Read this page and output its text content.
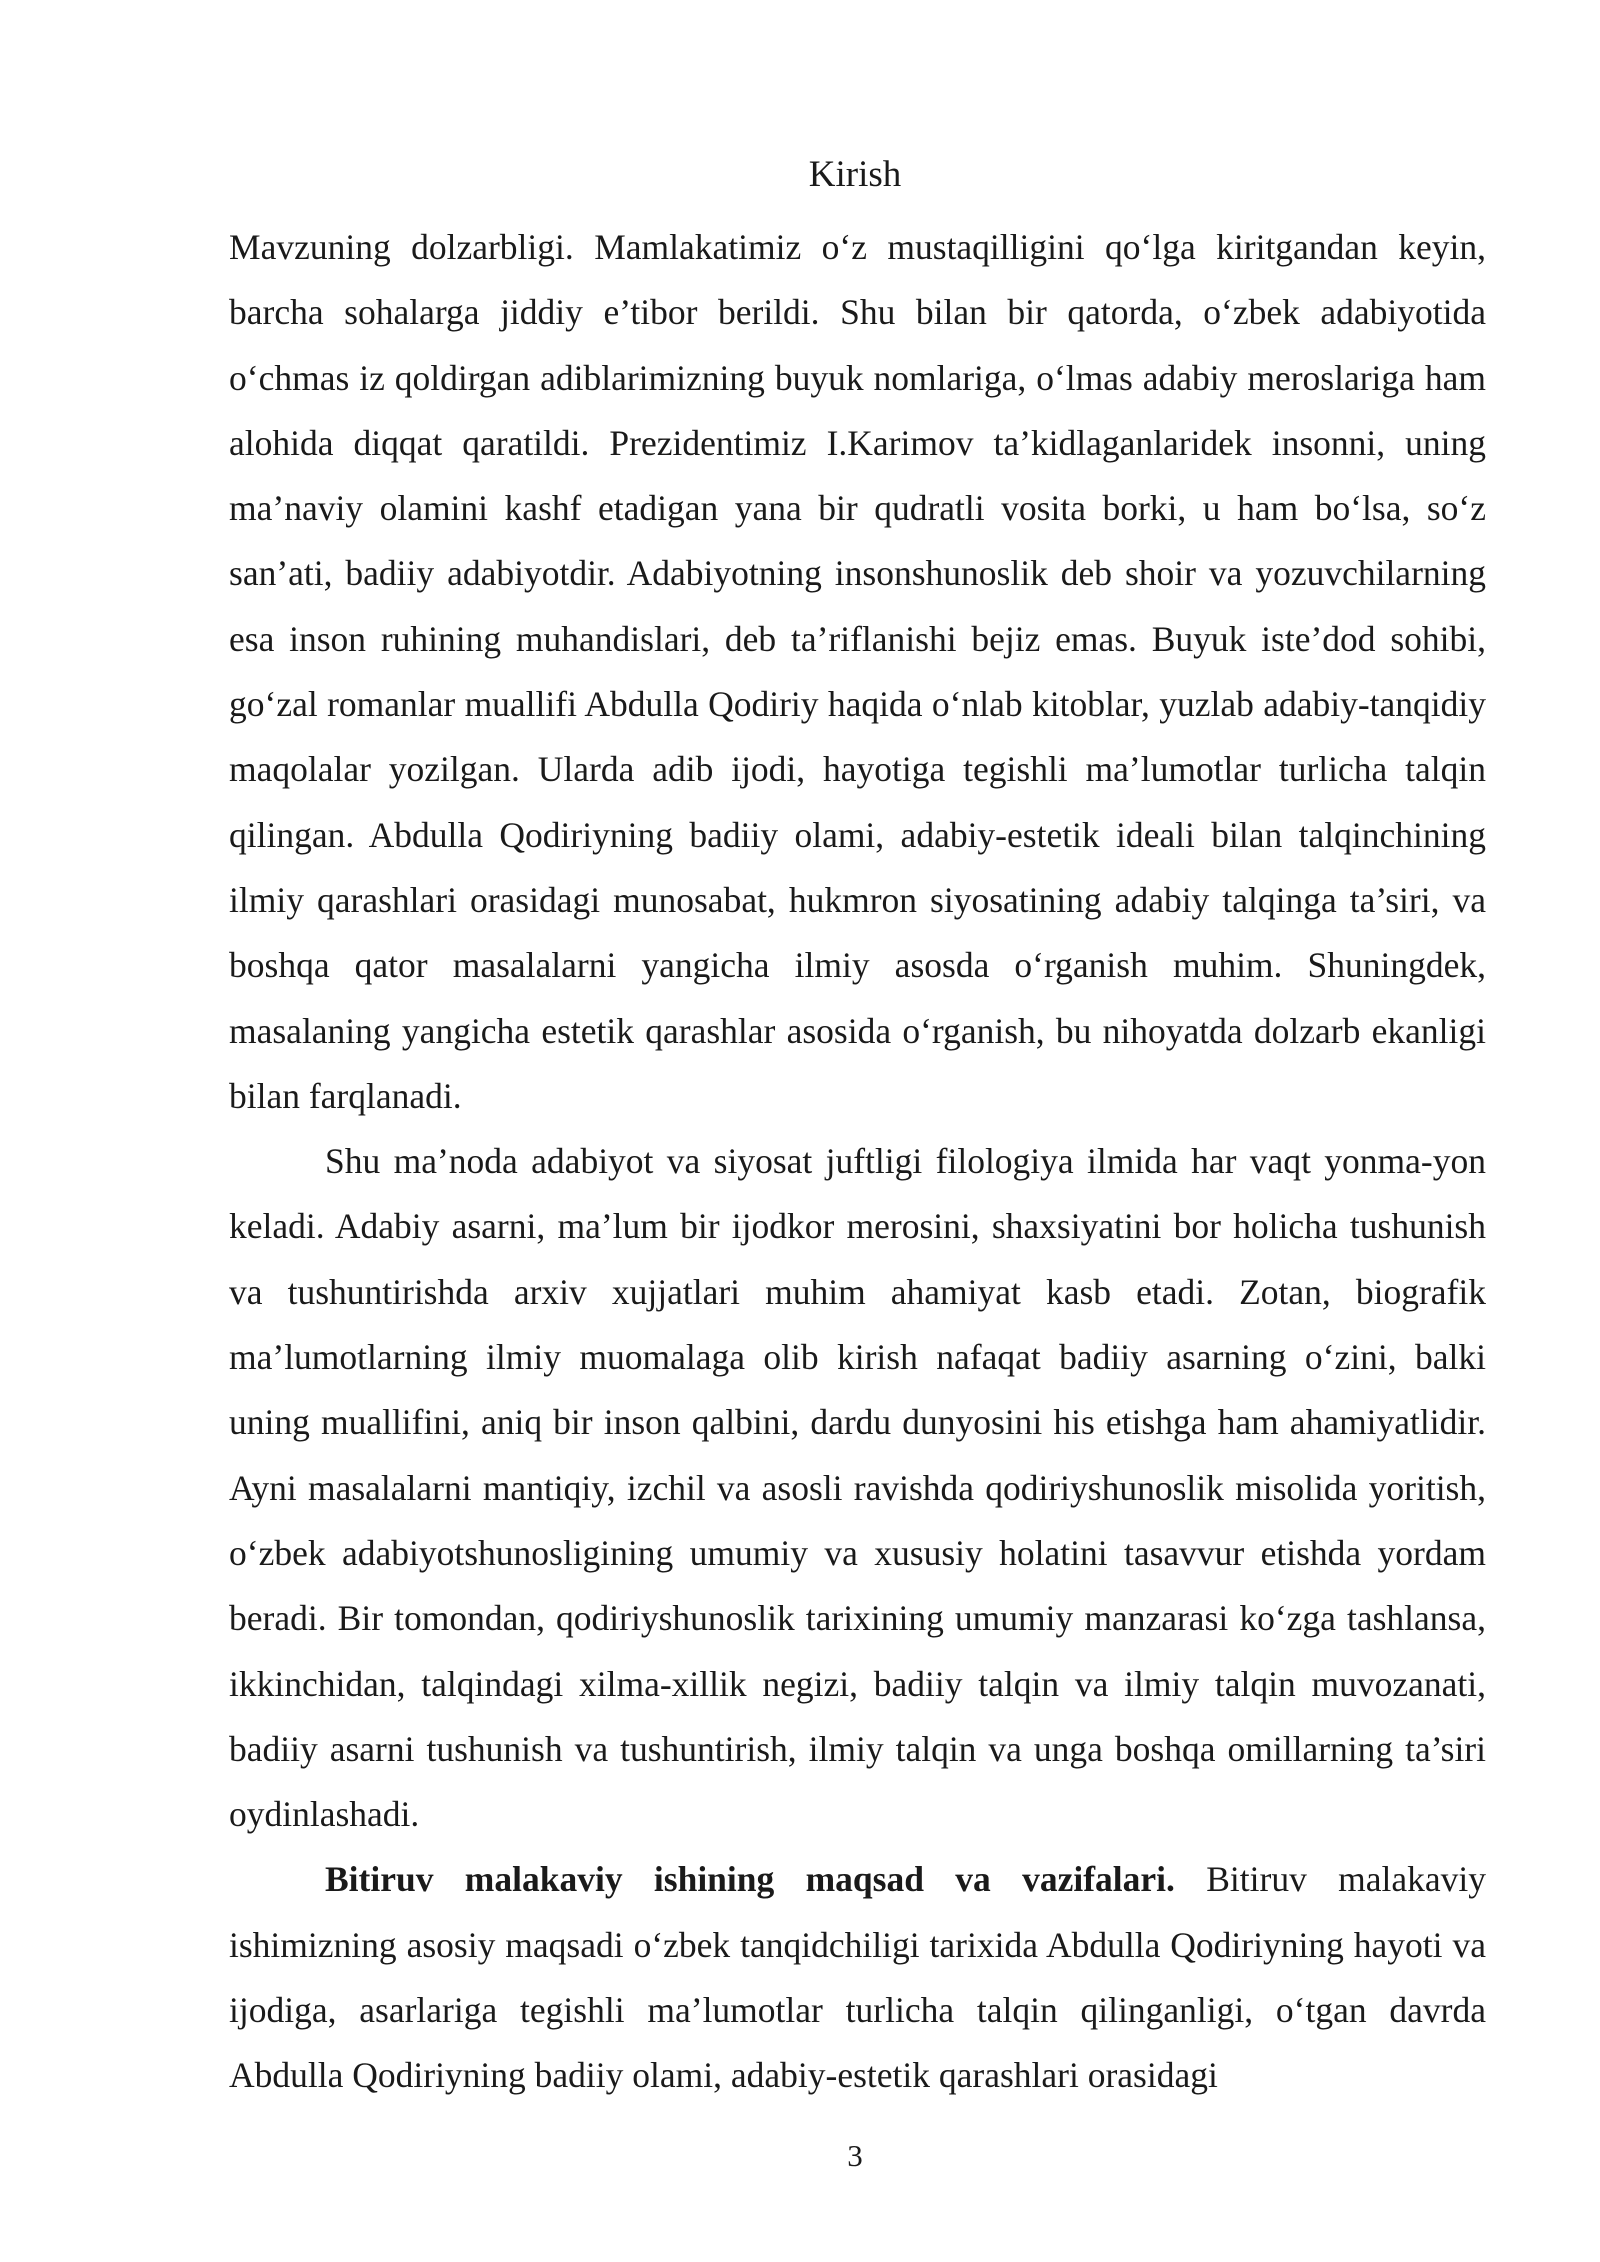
Kirish

Mavzuning dolzarbligi. Mamlakatimiz o‘z mustaqilligini qo‘lga kiritgandan keyin, barcha sohalarga jiddiy e’tibor berildi. Shu bilan bir qatorda, o‘zbek adabiyotida o‘chmas iz qoldirgan adiblarimizning buyuk nomlariga, o‘lmas adabiy meroslariga ham alohida diqqat qaratildi. Prezidentimiz I.Karimov ta’kidlaganlaridek insonni, uning ma’naviy olamini kashf etadigan yana bir qudratli vosita borki, u ham bo‘lsa, so‘z san’ati, badiiy adabiyotdir. Adabiyotning insonshunoslik deb shoir va yozuvchilarning esa inson ruhining muhandislari, deb ta’riflanishi bejiz emas. Buyuk iste’dod sohibi, go‘zal romanlar muallifi Abdulla Qodiriy haqida o‘nlab kitoblar, yuzlab adabiy-tanqidiy maqolalar yozilgan. Ularda adib ijodi, hayotiga tegishli ma’lumotlar turlicha talqin qilingan. Abdulla Qodiriyning badiiy olami, adabiy-estetik ideali bilan talqinchining ilmiy qarashlari orasidagi munosabat, hukmron siyosatining adabiy talqinga ta’siri, va boshqa qator masalalarni yangicha ilmiy asosda o‘rganish muhim. Shuningdek, masalaning yangicha estetik qarashlar asosida o‘rganish, bu nihoyatda dolzarb ekanligi bilan farqlanadi.

Shu ma’noda adabiyot va siyosat juftligi filologiya ilmida har vaqt yonma-yon keladi. Adabiy asarni, ma’lum bir ijodkor merosini, shaxsiyatini bor holicha tushunish va tushuntirishda arxiv xujjatlari muhim ahamiyat kasb etadi. Zotan, biografik ma’lumotlarning ilmiy muomalaga olib kirish nafaqat badiiy asarning o‘zini, balki uning muallifini, aniq bir inson qalbini, dardu dunyosini his etishga ham ahamiyatlidir. Ayni masalalarni mantiqiy, izchil va asosli ravishda qodiriyshunoslik misolida yoritish, o‘zbek adabiyotshunosligining umumiy va xususiy holatini tasavvur etishda yordam beradi. Bir tomondan, qodiriyshunoslik tarixining umumiy manzarasi ko‘zga tashlansa, ikkinchidan, talqindagi xilma-xillik negizi, badiiy talqin va ilmiy talqin muvozanati, badiiy asarni tushunish va tushuntirish, ilmiy talqin va unga boshqa omillarning ta’siri oydinlashadi.

Bitiruv malakaviy ishining maqsad va vazifalari. Bitiruv malakaviy ishimizning asosiy maqsadi o‘zbek tanqidchiligi tarixida Abdulla Qodiriyning hayoti va ijodiga, asarlariga tegishli ma’lumotlar turlicha talqin qilinganligi, o‘tgan davrda Abdulla Qodiriyning badiiy olami, adabiy-estetik qarashlari orasidagi

3
